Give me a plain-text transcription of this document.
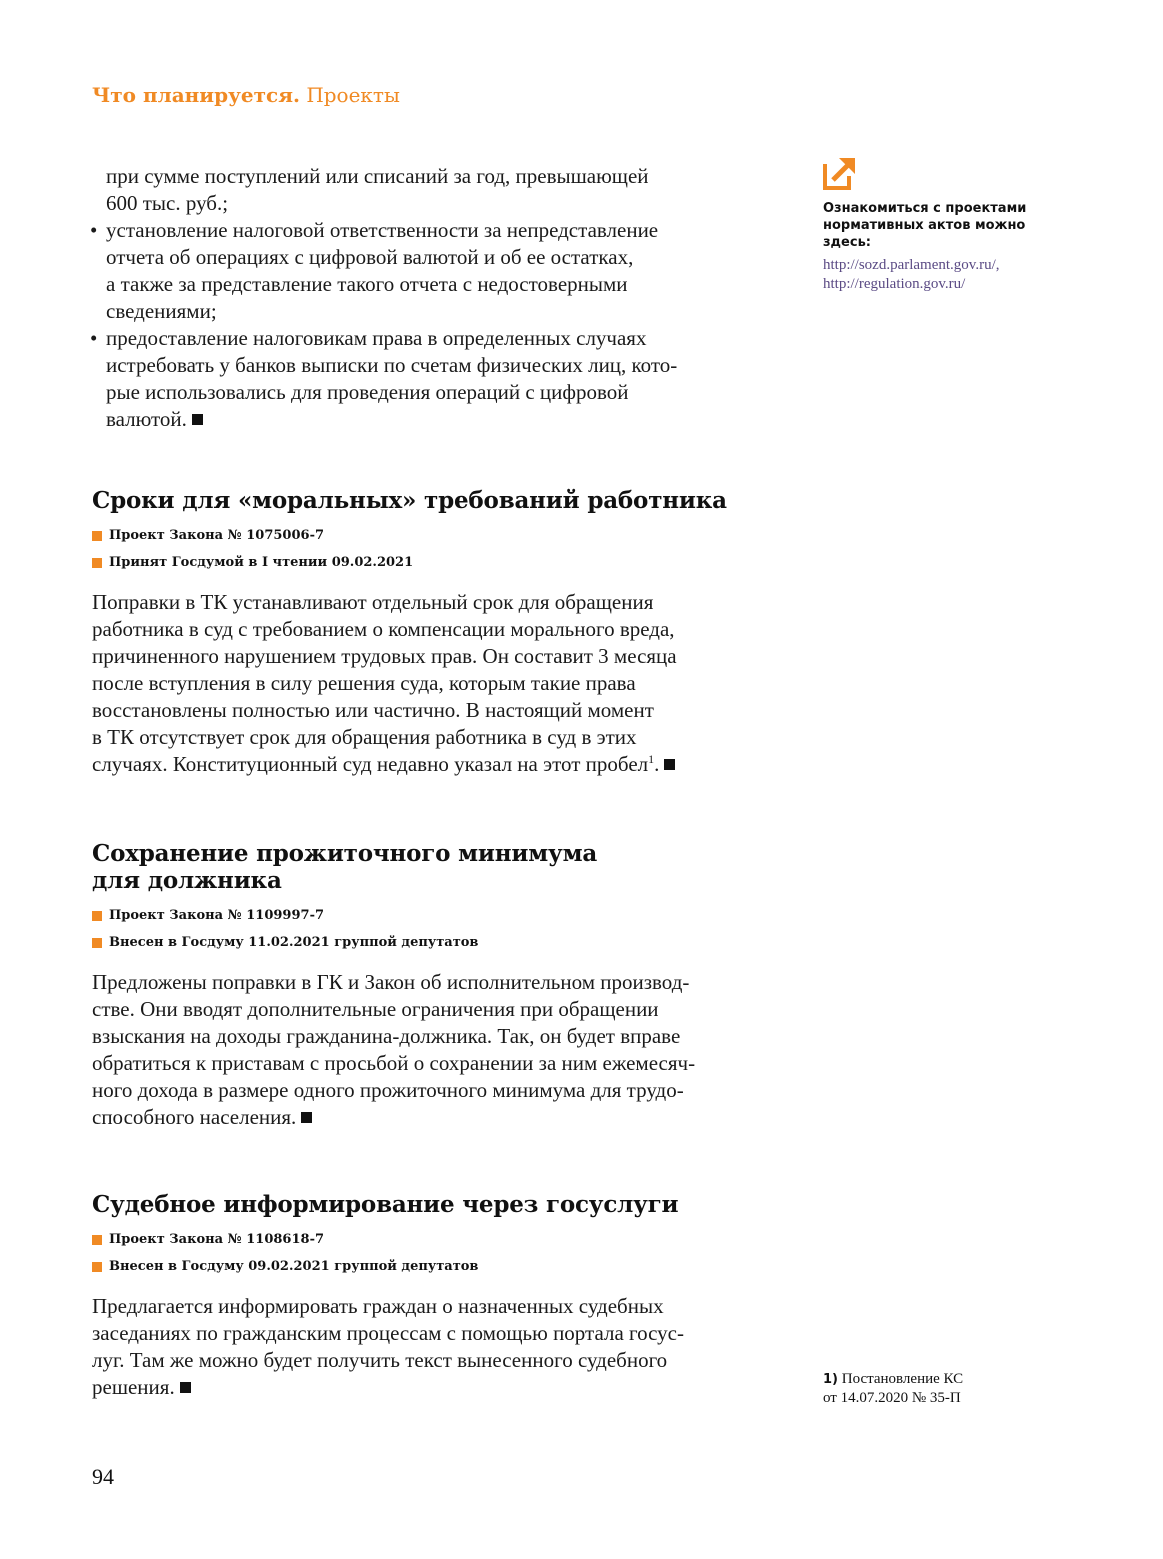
Что планируется. Проекты

при сумме поступлений или списаний за год, превышающей
600 тыс. руб.;

• установление налоговой ответственности за непредставление
отчета об операциях с цифровой валютой и об ее остатках,
а также за представление такого отчета с недостоверными
сведениями;
• предоставление налоговикам права в определенных случаях
истребовать у банков выписки по счетам физических лиц, кото-
рые использовались для проведения операций с цифровой
валютой.
Сроки для «моральных» требований работника

Проект Закона № 1075006-7

Принят Госдумой в I чтении 09.02.2021

Поправки в ТК устанавливают отдельный срок для обращения
работника в суд с требованием о компенсации морального вреда,
причиненного нарушением трудовых прав. Он составит 3 месяца
после вступления в силу решения суда, которым такие права
восстановлены полностью или частично. В настоящий момент
в ТК отсутствует срок для обращения работника в суд в этих
случаях. Конституционный суд недавно указал на этот пробел$^1$.

Сохранение прожиточного минимума
для должника

Проект Закона № 1109997-7

Внесен в Госдуму 11.02.2021 группой депутатов

Предложены поправки в ГК и Закон об исполнительном производ-
стве. Они вводят дополнительные ограничения при обращении
взыскания на доходы гражданина-должника. Так, он будет вправе
обратиться к приставам с просьбой о сохранении за ним ежемесяч-
ного дохода в размере одного прожиточного минимума для трудо-
способного населения.

Судебное информирование через госуслуги

Проект Закона № 1108618-7

Внесен в Госдуму 09.02.2021 группой депутатов

Предлагается информировать граждан о назначенных судебных
заседаниях по гражданским процессам с помощью портала госус-
луг. Там же можно будет получить текст вынесенного судебного
решения.

Ознакомиться с проектами
нормативных актов можно
здесь:

http://sozd.parlament.gov.ru/,

http://regulation.gov.ru/

1) Постановление КС
от 14.07.2020 № 35-П
94
